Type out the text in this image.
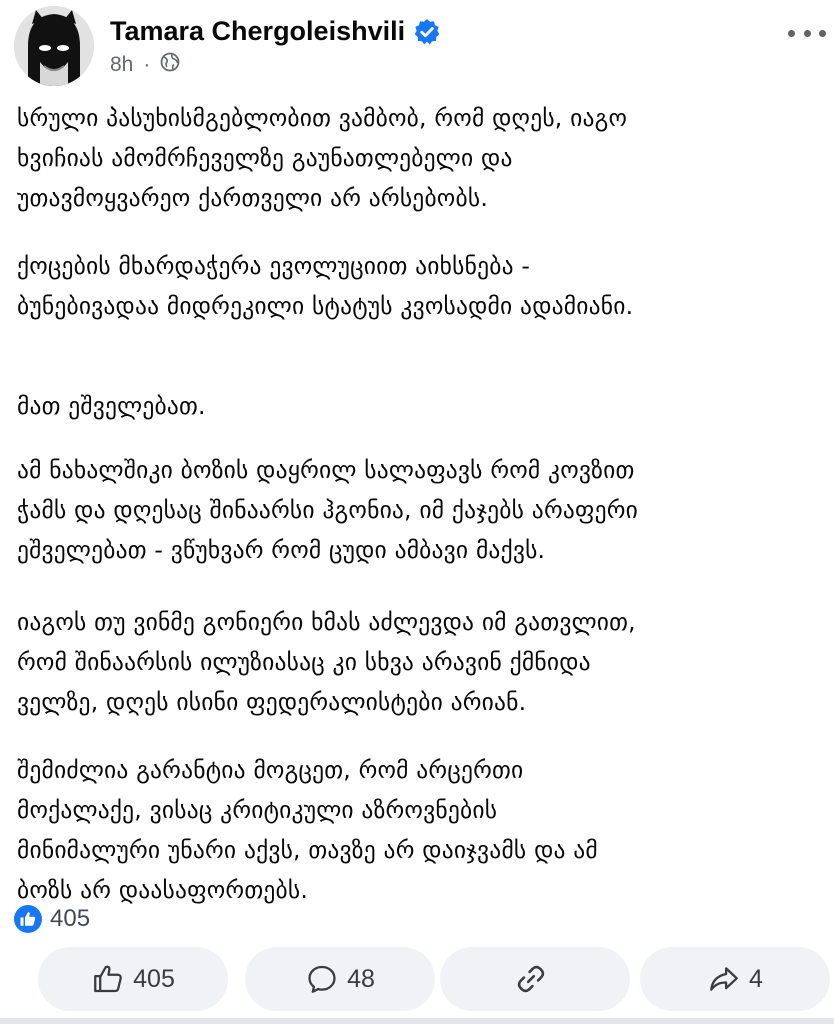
Tamara Chergoleishvili
8h ·

სრული პასუხისმგებლობით ვამბობ, რომ დღეს, იაგო
ხვიჩიას ამომრჩეველზე გაუნათლებელი და
უთავმოყვარეო ქართველი არ არსებობს.

ქოცების მხარდაჭერა ევოლუციით აიხსნება -
ბუნებივადაა მიდრეკილი სტატუს კვოსადმი ადამიანი.

მათ ეშველებათ.

ამ ნახალშიკი ბოზის დაყრილ სალაფავს რომ კოვზით
ჭამს და დღესაც შინაარსი ჰგონია, იმ ქაჯებს არაფერი
ეშველებათ - ვწუხვარ რომ ცუდი ამბავი მაქვს.

იაგოს თუ ვინმე გონიერი ხმას აძლევდა იმ გათვლით,
რომ შინაარსის ილუზიასაც კი სხვა არავინ ქმნიდა
ველზე, დღეს ისინი ფედერალისტები არიან.

შემიძლია გარანტია მოგცეთ, რომ არცერთი
მოქალაქე, ვისაც კრიტიკული აზროვნების
მინიმალური უნარი აქვს, თავზე არ დაიჯვამს და ამ
ბოზს არ დაასაფორთებს.

405
405	48	4
